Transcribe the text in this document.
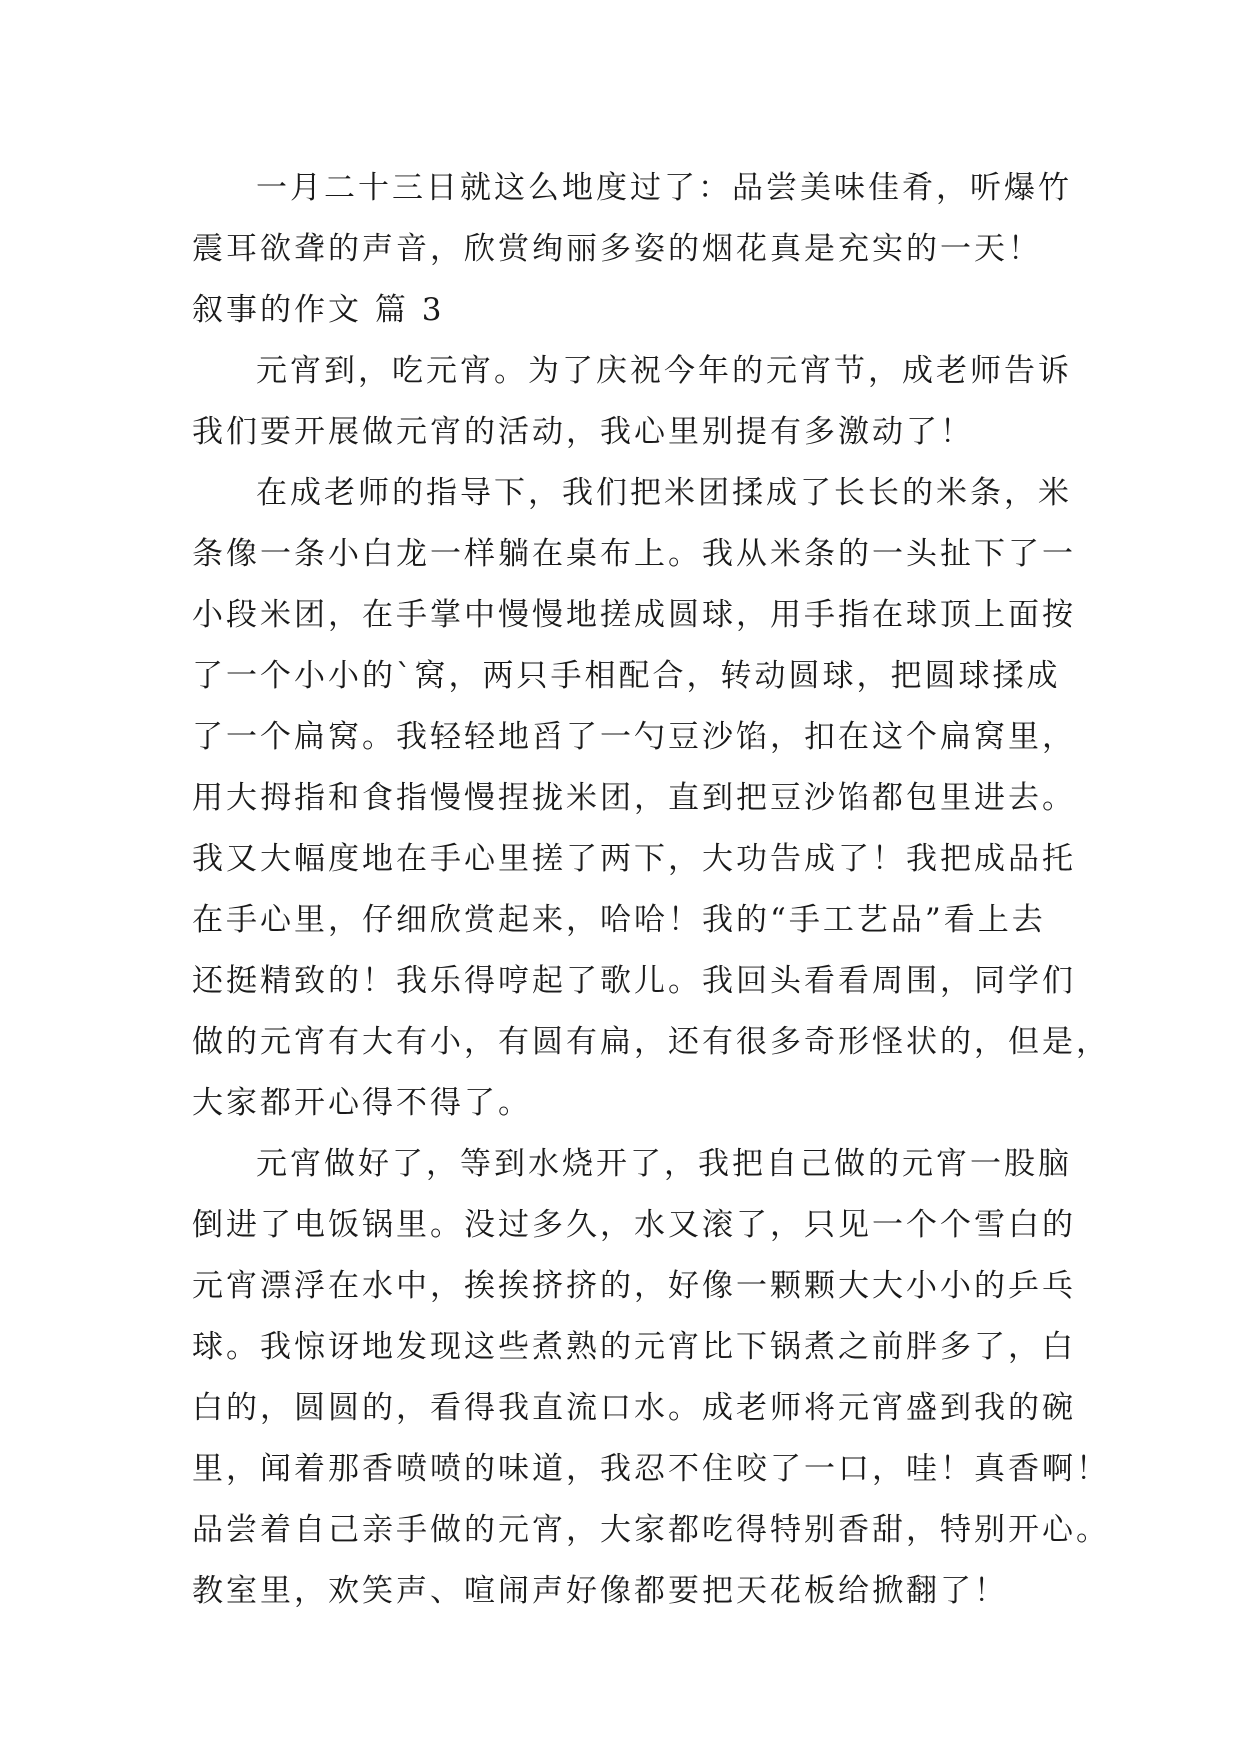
一月二十三日就这么地度过了：品尝美味佳肴，听爆竹
震耳欲聋的声音，欣赏绚丽多姿的烟花真是充实的一天！
叙事的作文 篇 3
元宵到，吃元宵。为了庆祝今年的元宵节，成老师告诉
我们要开展做元宵的活动，我心里别提有多激动了！
在成老师的指导下，我们把米团揉成了长长的米条，米
条像一条小白龙一样躺在桌布上。我从米条的一头扯下了一
小段米团，在手掌中慢慢地搓成圆球，用手指在球顶上面按
了一个小小的`窝，两只手相配合，转动圆球，把圆球揉成
了一个扁窝。我轻轻地舀了一勺豆沙馅，扣在这个扁窝里，
用大拇指和食指慢慢捏拢米团，直到把豆沙馅都包里进去。
我又大幅度地在手心里搓了两下，大功告成了！我把成品托
在手心里，仔细欣赏起来，哈哈！我的“手工艺品”看上去
还挺精致的！我乐得哼起了歌儿。我回头看看周围，同学们
做的元宵有大有小，有圆有扁，还有很多奇形怪状的，但是，
大家都开心得不得了。
元宵做好了，等到水烧开了，我把自己做的元宵一股脑
倒进了电饭锅里。没过多久，水又滚了，只见一个个雪白的
元宵漂浮在水中，挨挨挤挤的，好像一颗颗大大小小的乒乓
球。我惊讶地发现这些煮熟的元宵比下锅煮之前胖多了，白
白的，圆圆的，看得我直流口水。成老师将元宵盛到我的碗
里，闻着那香喷喷的味道，我忍不住咬了一口，哇！真香啊！
品尝着自己亲手做的元宵，大家都吃得特别香甜，特别开心。
教室里，欢笑声、喧闹声好像都要把天花板给掀翻了！
